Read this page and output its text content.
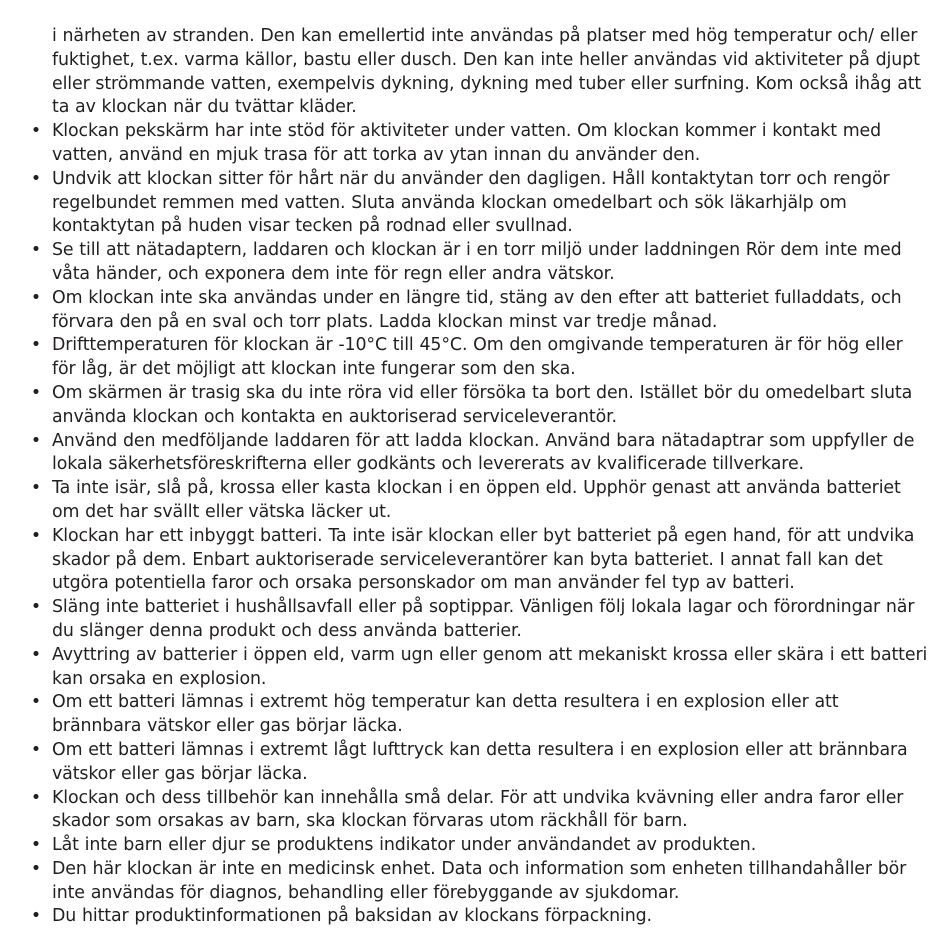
i närheten av stranden. Den kan emellertid inte användas på platser med hög temperatur och/ eller fuktighet, t.ex. varma källor, bastu eller dusch. Den kan inte heller användas vid aktiviteter på djupt eller strömmande vatten, exempelvis dykning, dykning med tuber eller surfning. Kom också ihåg att ta av klockan när du tvättar kläder.

• Klockan pekskärm har inte stöd för aktiviteter under vatten. Om klockan kommer i kontakt med vatten, använd en mjuk trasa för att torka av ytan innan du använder den.
• Undvik att klockan sitter för hårt när du använder den dagligen. Håll kontaktytan torr och rengör regelbundet remmen med vatten. Sluta använda klockan omedelbart och sök läkarhjälp om kontaktytan på huden visar tecken på rodnad eller svullnad.
• Se till att nätadaptern, laddaren och klockan är i en torr miljö under laddningen Rör dem inte med våta händer, och exponera dem inte för regn eller andra vätskor.
• Om klockan inte ska användas under en längre tid, stäng av den efter att batteriet fulladdats, och förvara den på en sval och torr plats. Ladda klockan minst var tredje månad.
• Drifttemperaturen för klockan är -10°C till 45°C. Om den omgivande temperaturen är för hög eller för låg, är det möjligt att klockan inte fungerar som den ska.
• Om skärmen är trasig ska du inte röra vid eller försöka ta bort den. Istället bör du omedelbart sluta använda klockan och kontakta en auktoriserad serviceleverantör.
• Använd den medföljande laddaren för att ladda klockan. Använd bara nätadaptrar som uppfyller de lokala säkerhetsföreskrifterna eller godkänts och levererats av kvalificerade tillverkare.
• Ta inte isär, slå på, krossa eller kasta klockan i en öppen eld. Upphör genast att använda batteriet om det har svällt eller vätska läcker ut.
• Klockan har ett inbyggt batteri. Ta inte isär klockan eller byt batteriet på egen hand, för att undvika skador på dem. Enbart auktoriserade serviceleverantörer kan byta batteriet. I annat fall kan det utgöra potentiella faror och orsaka personskador om man använder fel typ av batteri.
• Släng inte batteriet i hushållsavfall eller på soptippar. Vänligen följ lokala lagar och förordningar när du slänger denna produkt och dess använda batterier.
• Avyttring av batterier i öppen eld, varm ugn eller genom att mekaniskt krossa eller skära i ett batteri kan orsaka en explosion.
• Om ett batteri lämnas i extremt hög temperatur kan detta resultera i en explosion eller att brännbara vätskor eller gas börjar läcka.
• Om ett batteri lämnas i extremt lågt lufttryck kan detta resultera i en explosion eller att brännbara vätskor eller gas börjar läcka.
• Klockan och dess tillbehör kan innehålla små delar. För att undvika kvävning eller andra faror eller skador som orsakas av barn, ska klockan förvaras utom räckhåll för barn.
• Låt inte barn eller djur se produktens indikator under användandet av produkten.
• Den här klockan är inte en medicinsk enhet. Data och information som enheten tillhandahåller bör inte användas för diagnos, behandling eller förebyggande av sjukdomar.
• Du hittar produktinformationen på baksidan av klockans förpackning.
